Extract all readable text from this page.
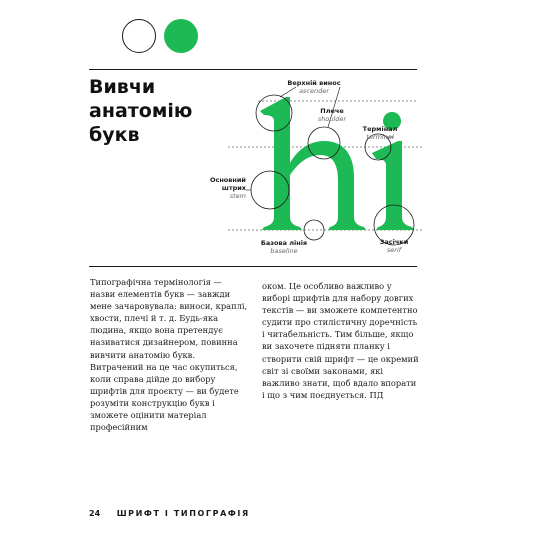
Вивчи
анатомію
букв
Верхній винос
ascender
Плече
shoulder
Термінал
terminal
Основний штрих
stem
Базова лінія
baseline
Засічки
serif

Типографічна термінологія — назви елементів букв — завжди мене зачаровувала: виноси, краплі, хвости, плечі й т. д. Будь-яка людина, якщо вона претендує називатися дизайнером, повинна вивчити анатомію букв. Витрачений на це час окупиться, коли справа дійде до вибору шрифтів для проєкту — ви будете розуміти конструкцію букв і зможете оцінити матеріал професійним

оком. Це особливо важливо у виборі шрифтів для набору довгих текстів — ви зможете компетентно судити про стилістичну доречність і читабельність. Тим більше, якщо ви захочете підняти планку і створити свій шрифт — це окремий світ зі своїми законами, які важливо знати, щоб вдало впорати і що з чим поєднується. ПД

24 ШРИФТ І ТИПОГРАФІЯ
